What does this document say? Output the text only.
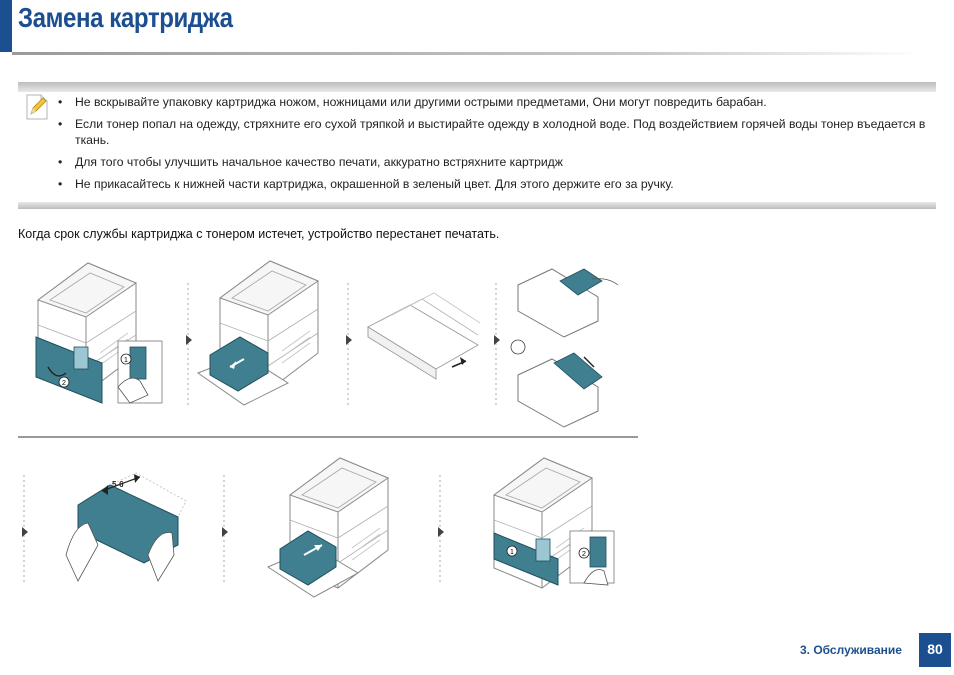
Замена картриджа
• Не вскрывайте упаковку картриджа ножом, ножницами или другими острыми предметами, Они могут повредить барабан.
• Если тонер попал на одежду, стряхните его сухой тряпкой и выстирайте одежду в холодной воде. Под воздействием горячей воды тонер въедается в ткань.
• Для того чтобы улучшить начальное качество печати, аккуратно встряхните картридж
• Не прикасайтесь к нижней части картриджа, окрашенной в зеленый цвет. Для этого держите его за ручку.

Когда срок службы картриджа с тонером истечет, устройство перестанет печатать.

2
1
5-6
1	2
3. Обслуживание	80
